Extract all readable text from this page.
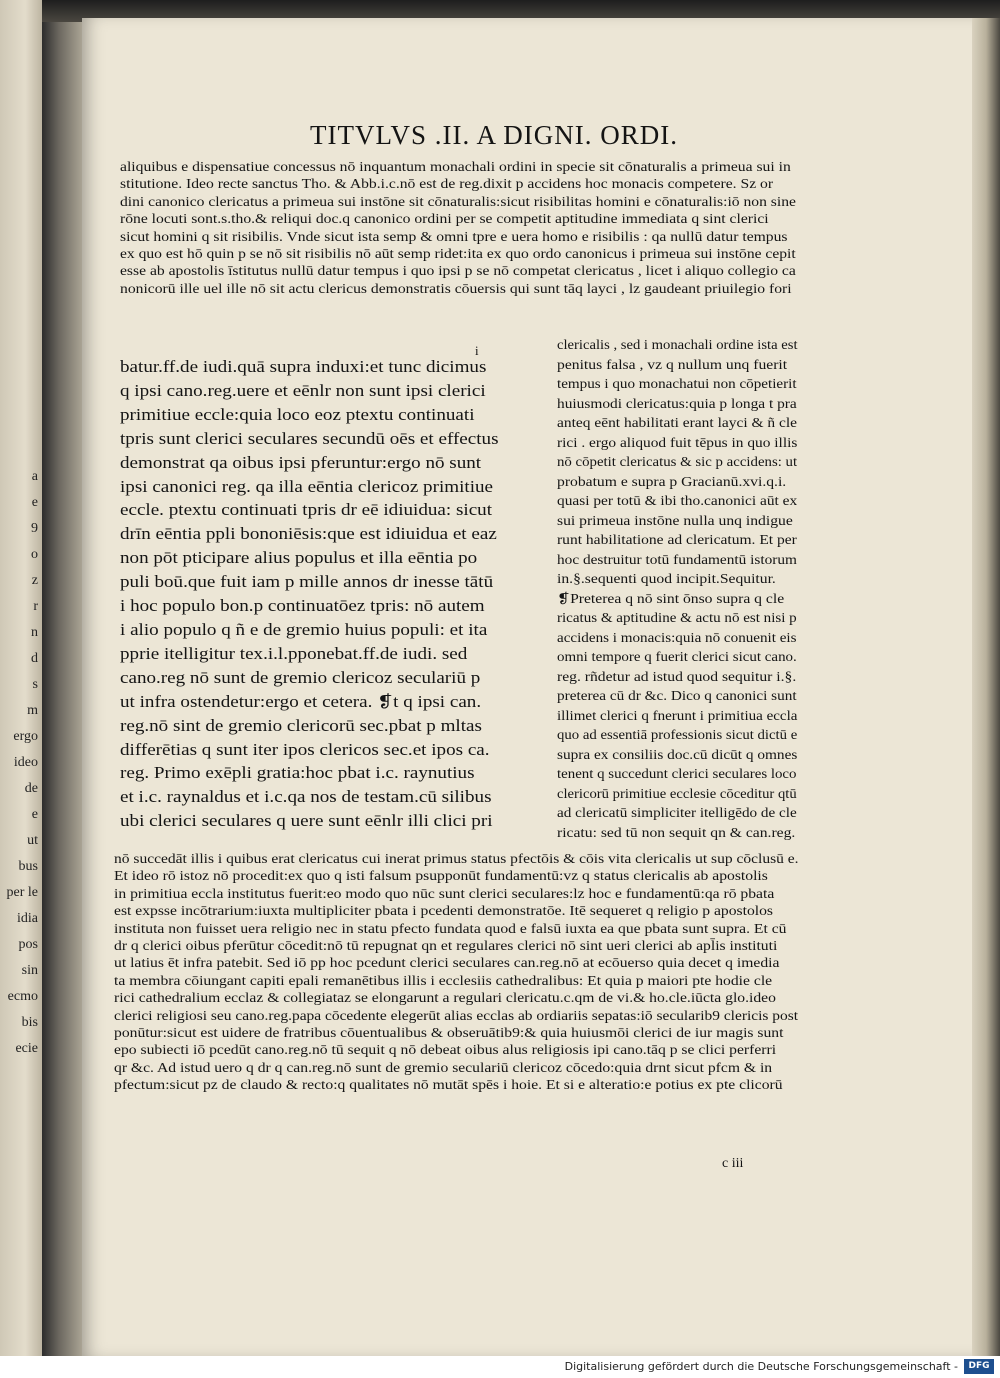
a
e
9
o
z
r
n
d
s
m
ergo
ideo
de
e
ut
bus
per le
idia
pos
sin
ecmo
bis
ecie
TITVLVS .II. A DIGNI. ORDI.
aliquibus e dispensatiue concessus nō inquantum monachali ordini in specie sit cōnaturalis a primeua sui in
stitutione. Ideo recte sanctus Tho. & Abb.i.c.nō est de reg.dixit p accidens hoc monacis competere. Sz or
dini canonico clericatus a primeua sui instōne sit cōnaturalis:sicut risibilitas homini e cōnaturalis:iō non sine
rōne locuti sont.s.tho.& reliqui doc.q canonico ordini per se competit aptitudine immediata q sint clerici
sicut homini q sit risibilis. Vnde sicut ista semp & omni tpre e uera homo e risibilis : qa nullū datur tempus
ex quo est hō quin p se nō sit risibilis nō aūt semp ridet:ita ex quo ordo canonicus i primeua sui instōne cepit
esse ab apostolis īstitutus nullū datur tempus i quo ipsi p se nō competat clericatus , licet i aliquo collegio ca
nonicorū ille uel ille nō sit actu clericus demonstratis cōuersis qui sunt tāq layci , lz gaudeant priuilegio fori
i
batur.ff.de iudi.quā supra induxi:et tunc dicimus
q ipsi cano.reg.uere et eēnlr non sunt ipsi clerici
primitiue eccle:quia loco eoz ptextu continuati
tpris sunt clerici seculares secundū oēs et effectus
demonstrat qa oibus ipsi pferuntur:ergo nō sunt
ipsi canonici reg. qa illa eēntia clericoz primitiue
eccle. ptextu continuati tpris dr eē idiuidua: sicut
drīn eēntia ppli bononiēsis:que est idiuidua et eaz
non pōt pticipare alius populus et illa eēntia po
puli boū.que fuit iam p mille annos dr inesse tātū
i hoc populo bon.p continuatōez tpris: nō autem
i alio populo q ñ e de gremio huius populi: et ita
pprie itelligitur tex.i.l.pponebat.ff.de iudi. sed
cano.reg nō sunt de gremio clericoz seculariū p
ut infra ostendetur:ergo et cetera. ❡t q ipsi can.
reg.nō sint de gremio clericorū sec.pbat p mltas
differētias q sunt iter ipos clericos sec.et ipos ca.
reg. Primo exēpli gratia:hoc pbat i.c. raynutius
et i.c. raynaldus et i.c.qa nos de testam.cū silibus
ubi clerici seculares q uere sunt eēnlr illi clici pri
clericalis , sed i monachali ordine ista est
penitus falsa , vz q nullum unq fuerit
tempus i quo monachatui non cōpetierit
huiusmodi clericatus:quia p longa t pra
anteq eēnt habilitati erant layci & ñ cle
rici . ergo aliquod fuit tēpus in quo illis
nō cōpetit clericatus & sic p accidens: ut
probatum e supra p Gracianū.xvi.q.i.
quasi per totū & ibi tho.canonici aūt ex
sui primeua instōne nulla unq indigue
runt habilitatione ad clericatum. Et per
hoc destruitur totū fundamentū istorum
in.§.sequenti quod incipit.Sequitur.
❡Preterea q nō sint ōnso supra q cle
ricatus & aptitudine & actu nō est nisi p
accidens i monacis:quia nō conuenit eis
omni tempore q fuerit clerici sicut cano.
reg. rñdetur ad istud quod sequitur i.§.
preterea cū dr &c. Dico q canonici sunt
illimet clerici q fnerunt i primitiua eccla
quo ad essentiā professionis sicut dictū e
supra ex consiliis doc.cū dicūt q omnes
tenent q succedunt clerici seculares loco
clericorū primitiue ecclesie cōceditur qtū
ad clericatū simpliciter itelligēdo de cle
ricatu: sed tū non sequit qn & can.reg.
nō succedāt illis i quibus erat clericatus cui inerat primus status pfectōis & cōis vita clericalis ut sup cōclusū e.
Et ideo rō istoz nō procedit:ex quo q isti falsum psupponūt fundamentū:vz q status clericalis ab apostolis
in primitiua eccla institutus fuerit:eo modo quo nūc sunt clerici seculares:lz hoc e fundamentū:qa rō pbata
est expsse incōtrarium:iuxta multipliciter pbata i pcedenti demonstratōe. Itē sequeret q religio p apostolos
instituta non fuisset uera religio nec in statu pfecto fundata quod e falsū iuxta ea que pbata sunt supra. Et cū
dr q clerici oibus pferūtur cōcedit:nō tū repugnat qn et regulares clerici nō sint ueri clerici ab apl̄is instituti
ut latius ēt infra patebit. Sed iō pp hoc pcedunt clerici seculares can.reg.nō at ecōuerso quia decet q imedia
ta membra cōiungant capiti epali remanētibus illis i ecclesiis cathedralibus: Et quia p maiori pte hodie cle
rici cathedralium ecclaz & collegiataz se elongarunt a regulari clericatu.c.qm de vi.& ho.cle.iūcta glo.ideo
clerici religiosi seu cano.reg.papa cōcedente elegerūt alias ecclas ab ordiariis sepatas:iō secularib9 clericis post
ponūtur:sicut est uidere de fratribus cōuentualibus & obseruātib9:& quia huiusmōi clerici de iur magis sunt
epo subiecti iō pcedūt cano.reg.nō tū sequit q nō debeat oibus alus religiosis ipi cano.tāq p se clici perferri
qr &c. Ad istud uero q dr q can.reg.nō sunt de gremio seculariū clericoz cōcedo:quia drnt sicut pfcm & in
pfectum:sicut pz de claudo & recto:q qualitates nō mutāt spēs i hoie. Et si e alteratio:e potius ex pte clicorū
c iii
Digitalisierung gefördert durch die Deutsche Forschungsgemeinschaft -	DFG
